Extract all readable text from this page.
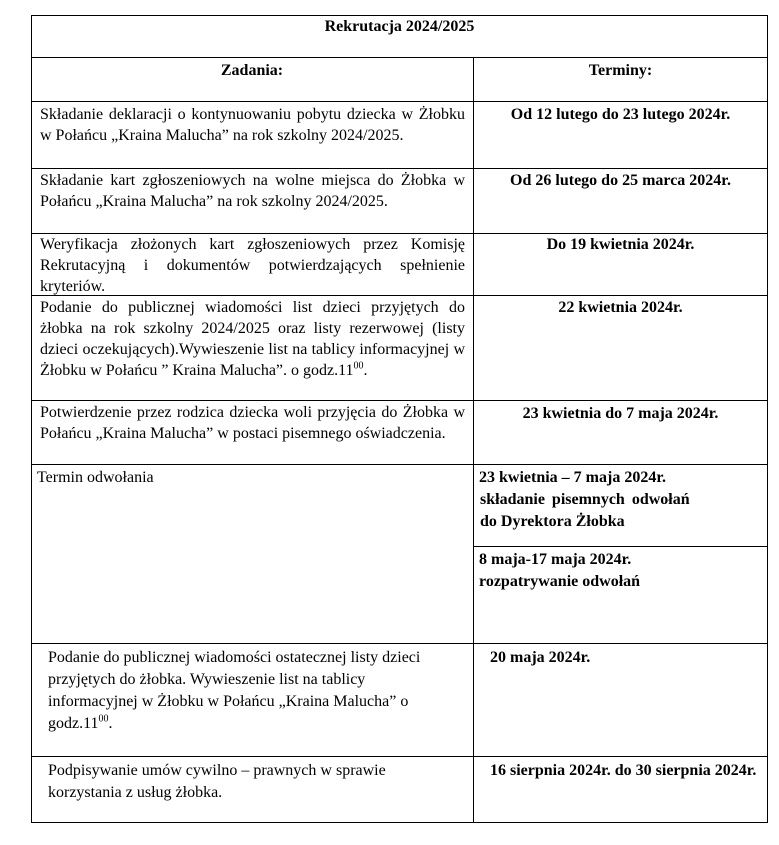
Rekrutacja 2024/2025
Zadania:	Terminy:
Składanie deklaracji o kontynuowaniu pobytu dziecka w Żłobku w Połańcu „Kraina Malucha” na rok szkolny 2024/2025.
Od 12 lutego do 23 lutego 2024r.
Składanie kart zgłoszeniowych na wolne miejsca do Żłobka w Połańcu „Kraina Malucha” na rok szkolny 2024/2025.
Od 26 lutego do 25 marca 2024r.
Weryfikacja złożonych kart zgłoszeniowych przez Komisję Rekrutacyjną i dokumentów potwierdzających spełnienie kryteriów.
Do 19 kwietnia 2024r.
Podanie do publicznej wiadomości list dzieci przyjętych do żłobka na rok szkolny 2024/2025 oraz listy rezerwowej (listy dzieci oczekujących).Wywieszenie list na tablicy informacyjnej w Żłobku w Połańcu ” Kraina Malucha”. o $godz.11^{00}$.
22 kwietnia 2024r.
Potwierdzenie przez rodzica dziecka woli przyjęcia do Żłobka w Połańcu „Kraina Malucha” w postaci pisemnego oświadczenia.
23 kwietnia do 7 maja 2024r.
Termin odwołania	23 kwietnia – 7 maja 2024r.
składanie pisemnych odwołań
do Dyrektora Żłobka
8 maja-17 maja 2024r.
rozpatrywanie odwołań
Podanie do publicznej wiadomości ostatecznej listy dzieci przyjętych do żłobka. Wywieszenie list na tablicy informacyjnej w Żłobku w Połańcu „Kraina Malucha” o $godz.11^{00}$.
20 maja 2024r.
Podpisywanie umów cywilno – prawnych w sprawie korzystania z usług żłobka.
16 sierpnia 2024r. do 30 sierpnia 2024r.
